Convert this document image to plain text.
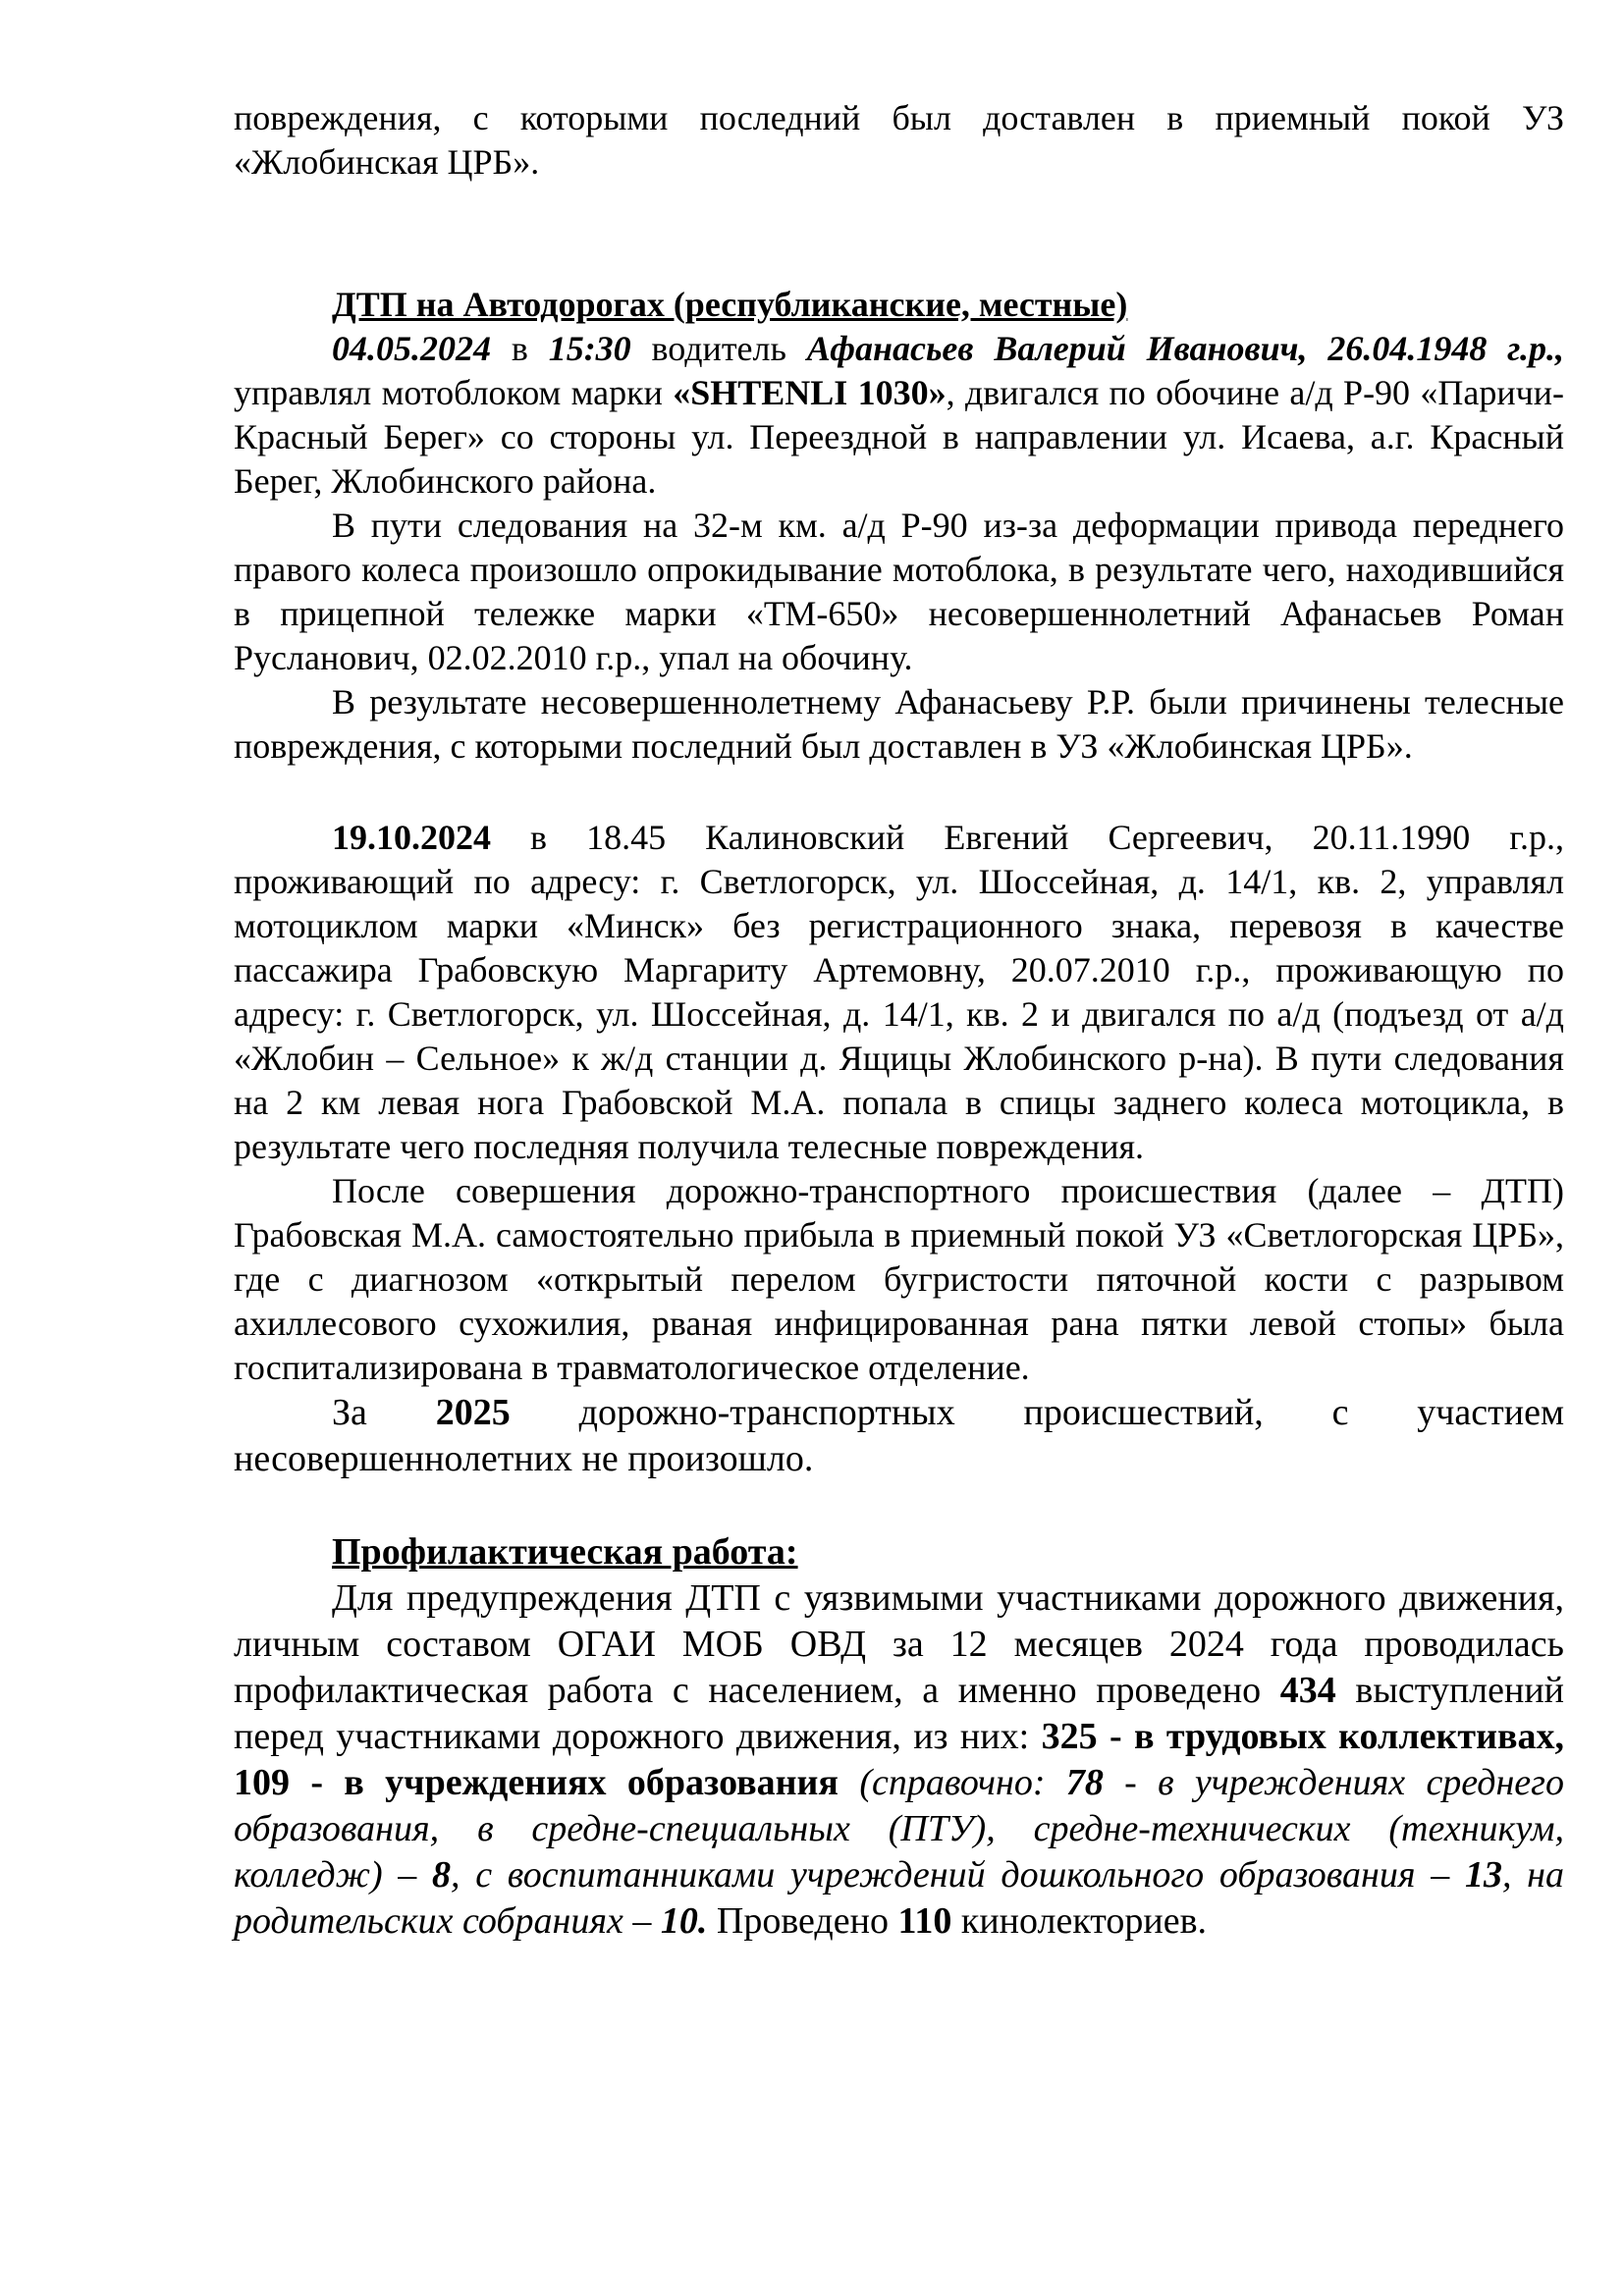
повреждения, с которыми последний был доставлен в приемный покой УЗ «Жлобинская ЦРБ».

ДТП на Автодорогах (республиканские, местные)

04.05.2024 в 15:30 водитель Афанасьев Валерий Иванович, 26.04.1948 г.р., управлял мотоблоком марки «SHTENLI 1030», двигался по обочине а/д Р-90 «Паричи-Красный Берег» со стороны ул. Переездной в направлении ул. Исаева, а.г. Красный Берег, Жлобинского района.

В пути следования на 32-м км. а/д Р-90 из-за деформации привода переднего правого колеса произошло опрокидывание мотоблока, в результате чего, находившийся в прицепной тележке марки «ТМ-650» несовершеннолетний Афанасьев Роман Русланович, 02.02.2010 г.р., упал на обочину.

В результате несовершеннолетнему Афанасьеву Р.Р. были причинены телесные повреждения, с которыми последний был доставлен в УЗ «Жлобинская ЦРБ».

19.10.2024 в 18.45 Калиновский Евгений Сергеевич, 20.11.1990 г.р., проживающий по адресу: г. Светлогорск, ул. Шоссейная, д. 14/1, кв. 2, управлял мотоциклом марки «Минск» без регистрационного знака, перевозя в качестве пассажира Грабовскую Маргариту Артемовну, 20.07.2010 г.р., проживающую по адресу: г. Светлогорск, ул. Шоссейная, д. 14/1, кв. 2 и двигался по а/д (подъезд от а/д «Жлобин – Сельное» к ж/д станции д. Ящицы Жлобинского р-на). В пути следования на 2 км левая нога Грабовской М.А. попала в спицы заднего колеса мотоцикла, в результате чего последняя получила телесные повреждения.

После совершения дорожно-транспортного происшествия (далее – ДТП) Грабовская М.А. самостоятельно прибыла в приемный покой УЗ «Светлогорская ЦРБ», где с диагнозом «открытый перелом бугристости пяточной кости с разрывом ахиллесового сухожилия, рваная инфицированная рана пятки левой стопы» была госпитализирована в травматологическое отделение.

За 2025 дорожно-транспортных происшествий, с участием несовершеннолетних не произошло.

Профилактическая работа:

Для предупреждения ДТП с уязвимыми участниками дорожного движения, личным составом ОГАИ МОБ ОВД за 12 месяцев 2024 года проводилась профилактическая работа с населением, а именно проведено 434 выступлений перед участниками дорожного движения, из них: 325 - в трудовых коллективах, 109 - в учреждениях образования (справочно: 78 - в учреждениях среднего образования, в средне-специальных (ПТУ), средне-технических (техникум, колледж) – 8, с воспитанниками учреждений дошкольного образования – 13, на родительских собраниях – 10. Проведено 110 кинолекториев.
